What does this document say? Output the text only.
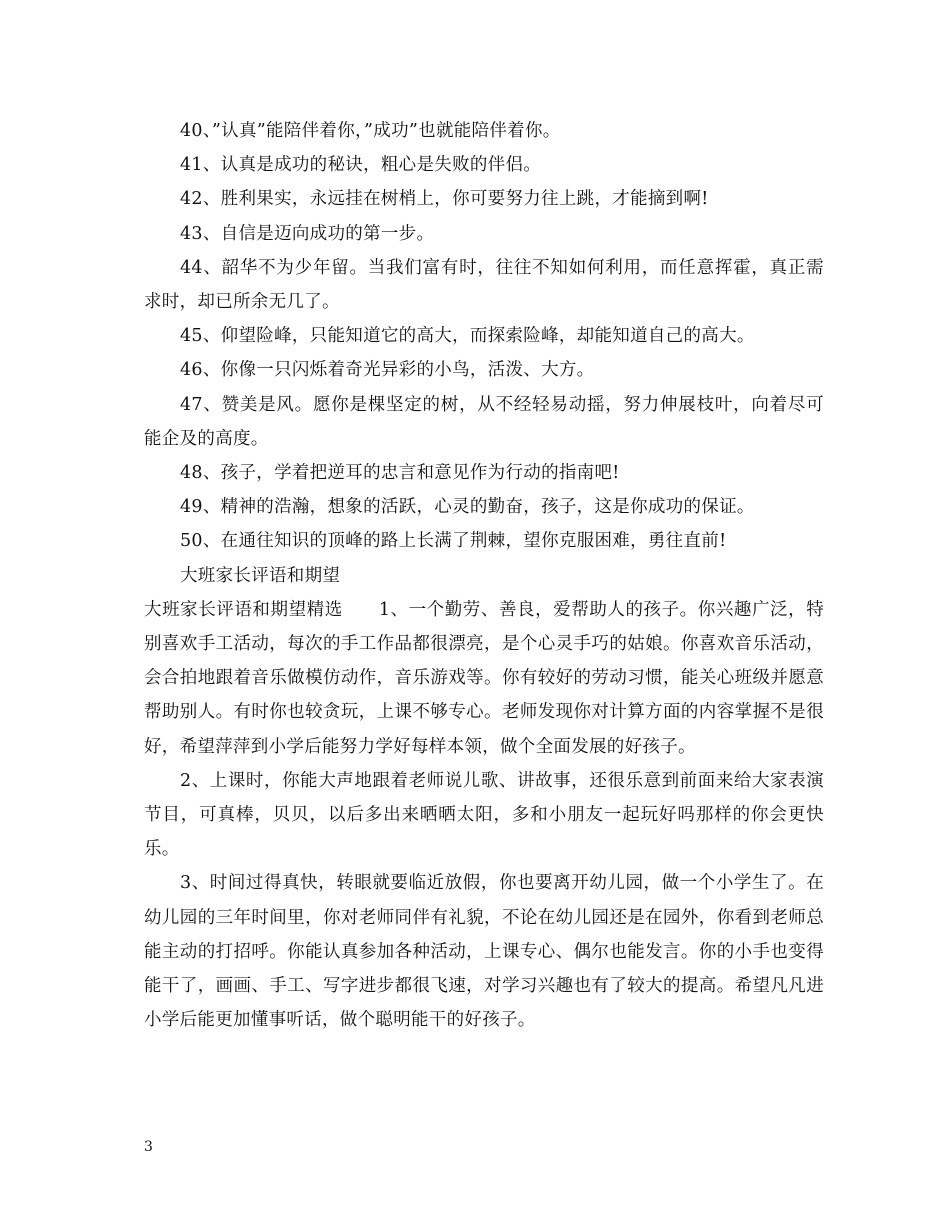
40、”认真”能陪伴着你，”成功”也就能陪伴着你。

41、认真是成功的秘诀，粗心是失败的伴侣。

42、胜利果实，永远挂在树梢上，你可要努力往上跳，才能摘到啊!

43、自信是迈向成功的第一步。

44、韶华不为少年留。当我们富有时，往往不知如何利用，而任意挥霍，真正需求时，却已所余无几了。

45、仰望险峰，只能知道它的高大，而探索险峰，却能知道自己的高大。

46、你像一只闪烁着奇光异彩的小鸟，活泼、大方。

47、赞美是风。愿你是棵坚定的树，从不经轻易动摇，努力伸展枝叶，向着尽可能企及的高度。

48、孩子，学着把逆耳的忠言和意见作为行动的指南吧!

49、精神的浩瀚，想象的活跃，心灵的勤奋，孩子，这是你成功的保证。

50、在通往知识的顶峰的路上长满了荆棘，望你克服困难，勇往直前!

大班家长评语和期望

大班家长评语和期望精选 1、一个勤劳、善良，爱帮助人的孩子。你兴趣广泛，特别喜欢手工活动，每次的手工作品都很漂亮，是个心灵手巧的姑娘。你喜欢音乐活动，会合拍地跟着音乐做模仿动作，音乐游戏等。你有较好的劳动习惯，能关心班级并愿意帮助别人。有时你也较贪玩，上课不够专心。老师发现你对计算方面的内容掌握不是很好，希望萍萍到小学后能努力学好每样本领，做个全面发展的好孩子。

2、上课时，你能大声地跟着老师说儿歌、讲故事，还很乐意到前面来给大家表演节目，可真棒，贝贝，以后多出来晒晒太阳，多和小朋友一起玩好吗那样的你会更快乐。

3、时间过得真快，转眼就要临近放假，你也要离开幼儿园，做一个小学生了。在幼儿园的三年时间里，你对老师同伴有礼貌，不论在幼儿园还是在园外，你看到老师总能主动的打招呼。你能认真参加各种活动，上课专心、偶尔也能发言。你的小手也变得能干了，画画、手工、写字进步都很飞速，对学习兴趣也有了较大的提高。希望凡凡进小学后能更加懂事听话，做个聪明能干的好孩子。

3
